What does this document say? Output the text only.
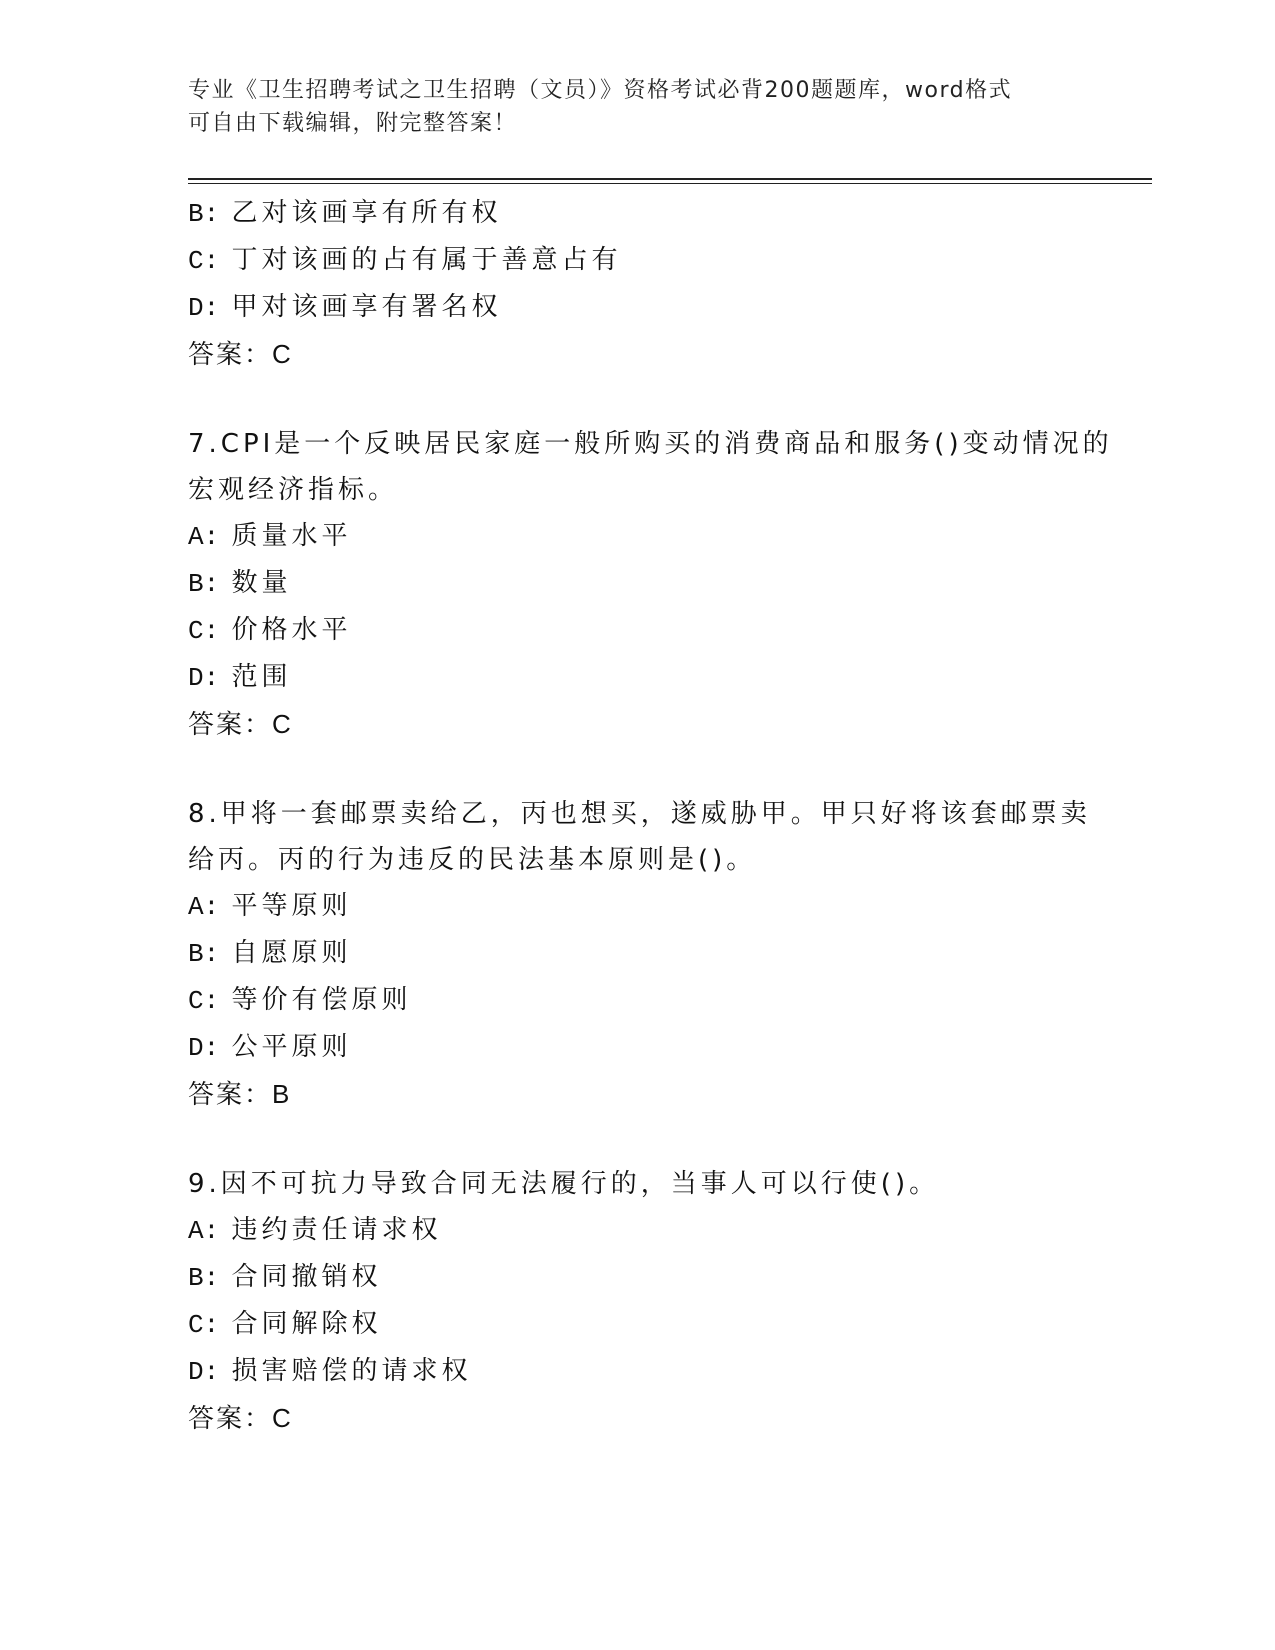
专业《卫生招聘考试之卫生招聘（文员）》资格考试必背200题题库，word格式
可自由下载编辑，附完整答案！
B: 乙对该画享有所有权
C: 丁对该画的占有属于善意占有
D: 甲对该画享有署名权
答案：C
7.CPI是一个反映居民家庭一般所购买的消费商品和服务()变动情况的
宏观经济指标。
A: 质量水平
B: 数量
C: 价格水平
D: 范围
答案：C
8.甲将一套邮票卖给乙，丙也想买，遂威胁甲。甲只好将该套邮票卖
给丙。丙的行为违反的民法基本原则是()。
A: 平等原则
B: 自愿原则
C: 等价有偿原则
D: 公平原则
答案：B
9.因不可抗力导致合同无法履行的，当事人可以行使()。
A: 违约责任请求权
B: 合同撤销权
C: 合同解除权
D: 损害赔偿的请求权
答案：C
